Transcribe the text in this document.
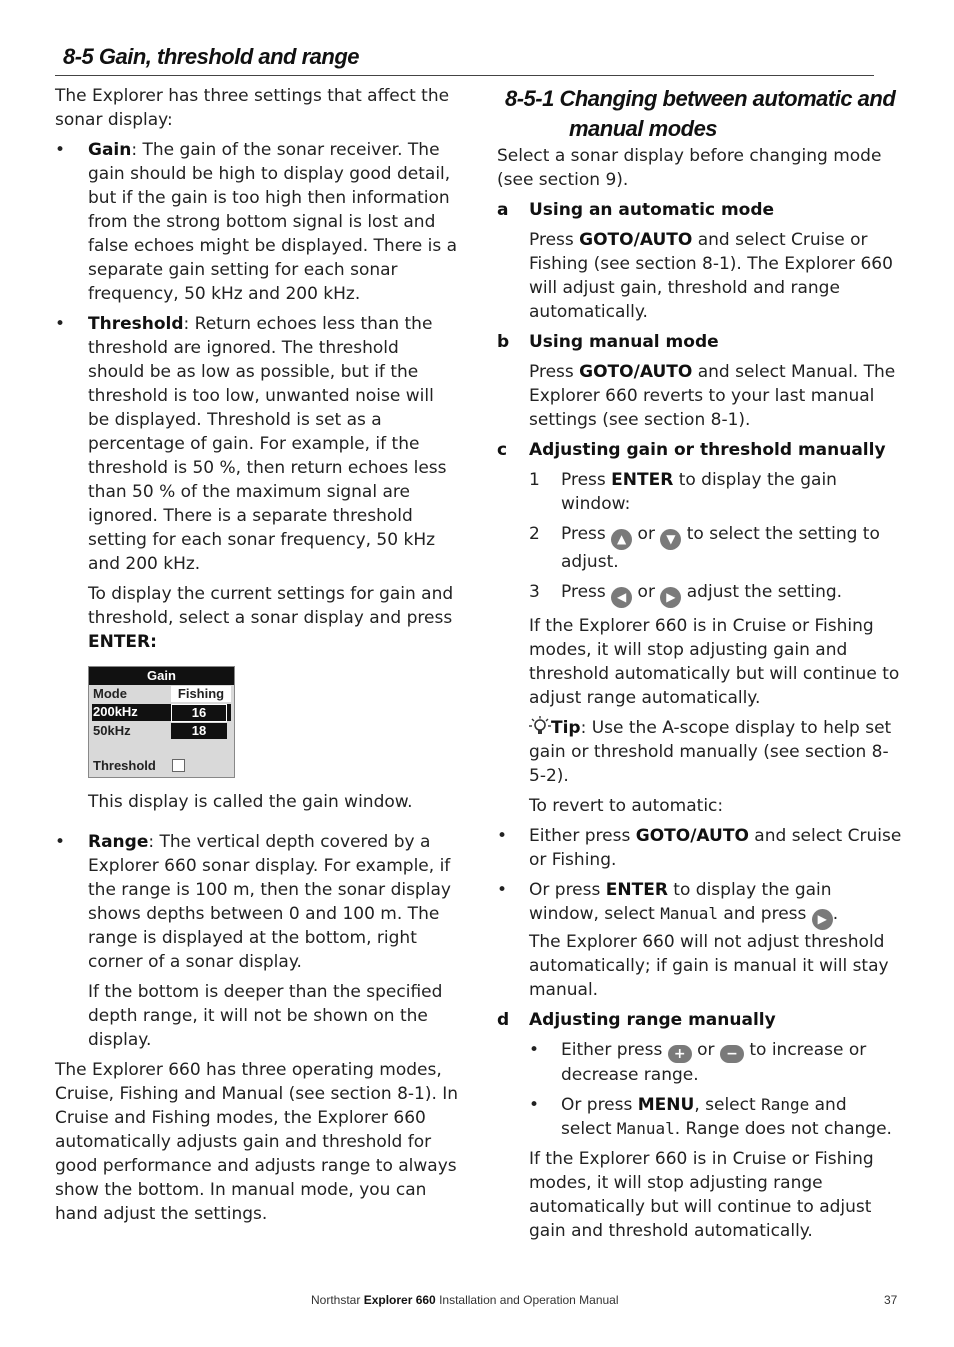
8-5 Gain, threshold and range

The Explorer has three settings that affect the sonar display:

• Gain: The gain of the sonar receiver. The gain should be high to display good detail, but if the gain is too high then information from the strong bottom signal is lost and false echoes might be displayed. There is a separate gain setting for each sonar frequency, 50 kHz and 200 kHz.

• Threshold: Return echoes less than the threshold are ignored. The threshold should be as low as possible, but if the threshold is too low, unwanted noise will be displayed. Threshold is set as a percentage of gain. For example, if the threshold is 50 %, then return echoes less than 50 % of the maximum signal are ignored. There is a separate threshold setting for each sonar frequency, 50 kHz and 200 kHz.

To display the current settings for gain and threshold, select a sonar display and press ENTER:

Gain
Mode	Fishing
200kHz	16
50kHz	18
Threshold

This display is called the gain window.

• Range: The vertical depth covered by a Explorer 660 sonar display. For example, if the range is 100 m, then the sonar display shows depths between 0 and 100 m. The range is displayed at the bottom, right corner of a sonar display.

If the bottom is deeper than the specified depth range, it will not be shown on the display.

The Explorer 660 has three operating modes, Cruise, Fishing and Manual (see section 8-1). In Cruise and Fishing modes, the Explorer 660 automatically adjusts gain and threshold for good performance and adjusts range to always show the bottom. In manual mode, you can hand adjust the settings.

8-5-1 Changing between automatic and
manual modes

Select a sonar display before changing mode (see section 9).

a Using an automatic mode

Press GOTO/AUTO and select Cruise or Fishing (see section 8-1). The Explorer 660 will adjust gain, threshold and range automatically.

b Using manual mode

Press GOTO/AUTO and select Manual. The Explorer 660 reverts to your last manual settings (see section 8-1).

c Adjusting gain or threshold manually

1 Press ENTER to display the gain window:

2 Press ▲ or ▼ to select the setting to adjust.

3 Press ◀ or ▶ adjust the setting.

If the Explorer 660 is in Cruise or Fishing modes, it will stop adjusting gain and threshold automatically but will continue to adjust range automatically.

Tip: Use the A-scope display to help set gain or threshold manually (see section 8-5-2).

To revert to automatic:

• Either press GOTO/AUTO and select Cruise or Fishing.

• Or press ENTER to display the gain window, select Manual and press ▶ .
The Explorer 660 will not adjust threshold automatically; if gain is manual it will stay manual.

d Adjusting range manually

• Either press + or − to increase or decrease range.

• Or press MENU, select Range and select Manual. Range does not change.

If the Explorer 660 is in Cruise or Fishing modes, it will stop adjusting range automatically but will continue to adjust gain and threshold automatically.

Northstar Explorer 660 Installation and Operation Manual	37
